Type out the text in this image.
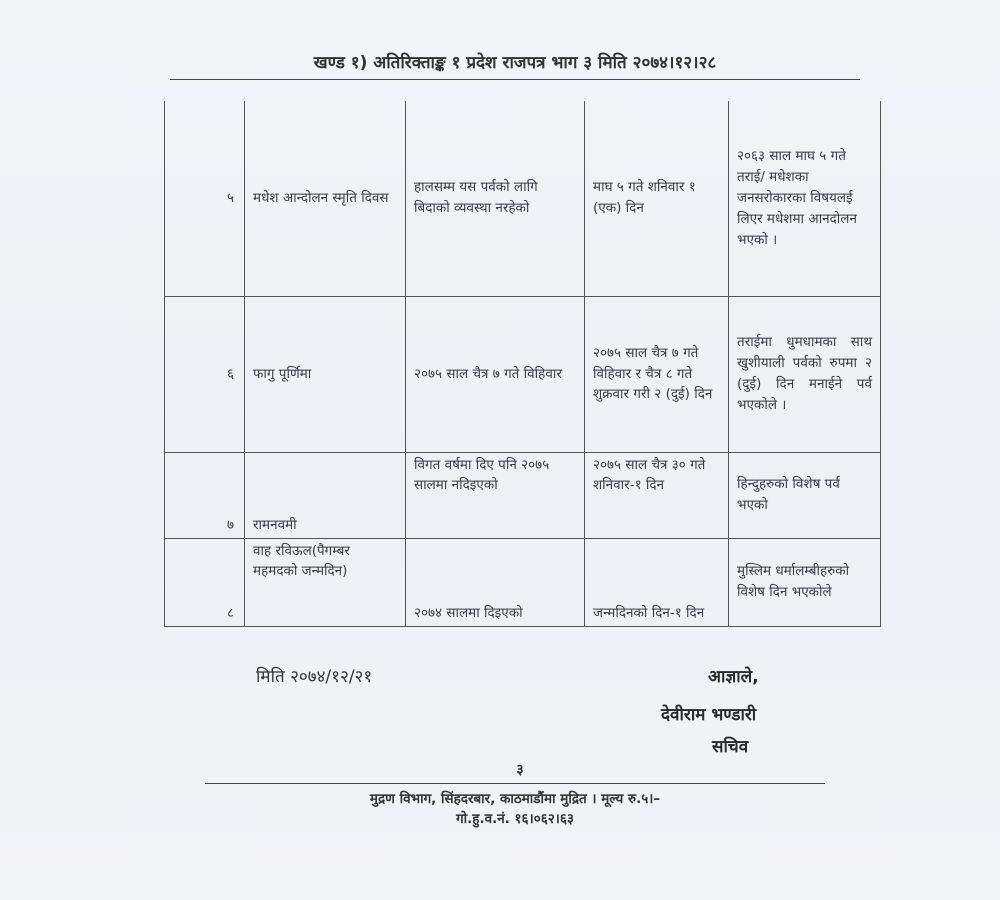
खण्ड १) अतिरिक्ताङ्क १ प्रदेश राजपत्र भाग ३ मिति २०७४।१२।२८
५	मधेश आन्दोलन स्मृति दिवस	हालसम्म यस पर्वको लागि बिदाको व्यवस्था नरहेको	माघ ५ गते शनिवार १ (एक) दिन	२०६३ साल माघ ५ गते तराई/ मधेशका जनसरोकारका विषयलई लिएर मधेशमा आनदोलन भएको ।
६	फागु पूर्णिमा	२०७५ साल चैत्र ७ गते विहिवार	२०७५ साल चैत्र ७ गते विहिवार र चैत्र ८ गते शुक्रवार गरी २ (दुई) दिन	तराईमा धुमधामका साथ खुशीयाली पर्वको रुपमा २ (दुई) दिन मनाईने पर्व भएकोले ।
७	रामनवमी	विगत वर्षमा दिए पनि २०७५ सालमा नदिइएको	२०७५ साल चैत्र ३० गते शनिवार-१ दिन	हिन्दुहरुको विशेष पर्व भएको
८	वाह रविऊल(पैगम्बर महमदको जन्मदिन)	२०७४ सालमा दिइएको	जन्मदिनको दिन-१ दिन	मुस्लिम धर्मालम्बीहरुको विशेष दिन भएकोले
मिति २०७४/१२/२१	आज्ञाले,
देवीराम भण्डारी
सचिव
३
मुद्रण विभाग, सिंहदरबार, काठमाडौंमा मुद्रित । मूल्य रु.५।–
गो.हु.व.नं. १६।०६२।६३
